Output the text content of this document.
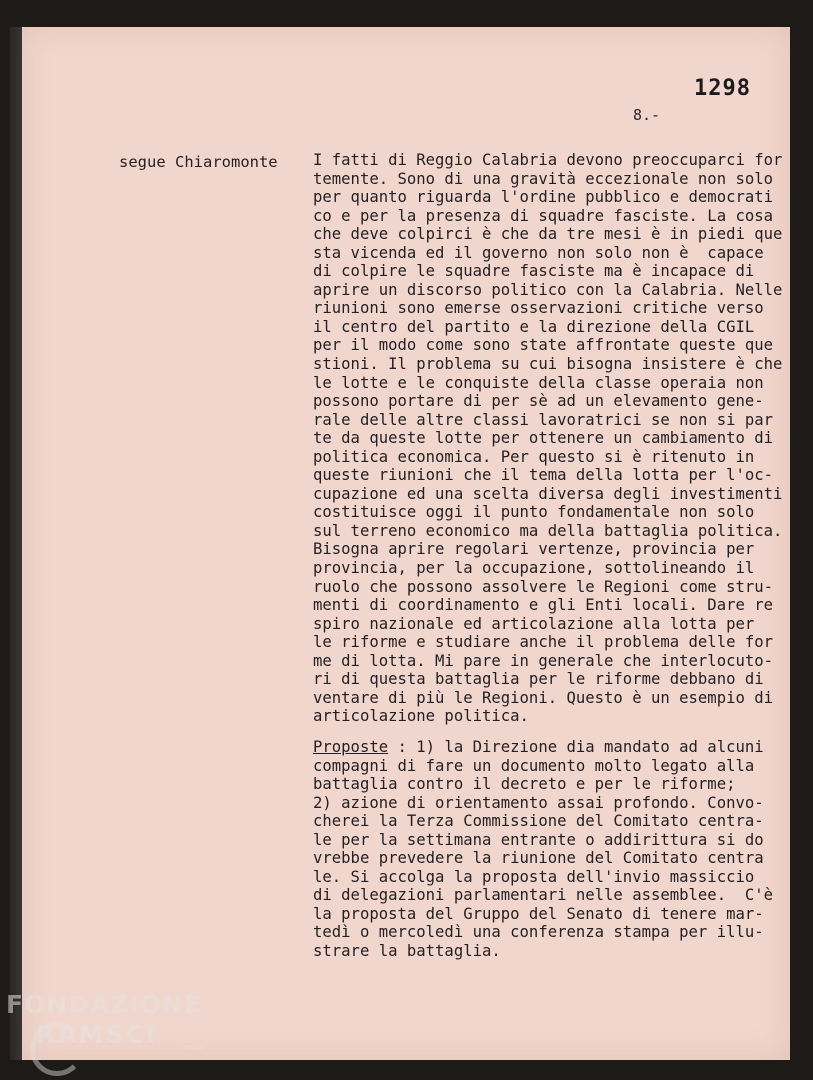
1298
8.-
segue Chiaromonte I fatti di Reggio Calabria devono preoccuparci for
temente. Sono di una gravità eccezionale non solo
per quanto riguarda l'ordine pubblico e democrati
co e per la presenza di squadre fasciste. La cosa
che deve colpirci è che da tre mesi è in piedi que
sta vicenda ed il governo non solo non è  capace
di colpire le squadre fasciste ma è incapace di
aprire un discorso politico con la Calabria. Nelle
riunioni sono emerse osservazioni critiche verso
il centro del partito e la direzione della CGIL
per il modo come sono state affrontate queste que
stioni. Il problema su cui bisogna insistere è che
le lotte e le conquiste della classe operaia non
possono portare di per sè ad un elevamento gene-
rale delle altre classi lavoratrici se non si par
te da queste lotte per ottenere un cambiamento di
politica economica. Per questo si è ritenuto in
queste riunioni che il tema della lotta per l'oc-
cupazione ed una scelta diversa degli investimenti
costituisce oggi il punto fondamentale non solo
sul terreno economico ma della battaglia politica.
Bisogna aprire regolari vertenze, provincia per
provincia, per la occupazione, sottolineando il
ruolo che possono assolvere le Regioni come stru-
menti di coordinamento e gli Enti locali. Dare re
spiro nazionale ed articolazione alla lotta per
le riforme e studiare anche il problema delle for
me di lotta. Mi pare in generale che interlocuto-
ri di questa battaglia per le riforme debbano di
ventare di più le Regioni. Questo è un esempio di
articolazione politica.
Proposte : 1) la Direzione dia mandato ad alcuni

compagni di fare un documento molto legato alla
battaglia contro il decreto e per le riforme;
2) azione di orientamento assai profondo. Convo-
cherei la Terza Commissione del Comitato centra-
le per la settimana entrante o addirittura si do
vrebbe prevedere la riunione del Comitato centra
le. Si accolga la proposta dell'invio massiccio
di delegazioni parlamentari nelle assemblee.  C'è
la proposta del Gruppo del Senato di tenere mar-
tedì o mercoledì una conferenza stampa per illu-
strare la battaglia.
FONDAZIONE
RAMSCI	onlus
